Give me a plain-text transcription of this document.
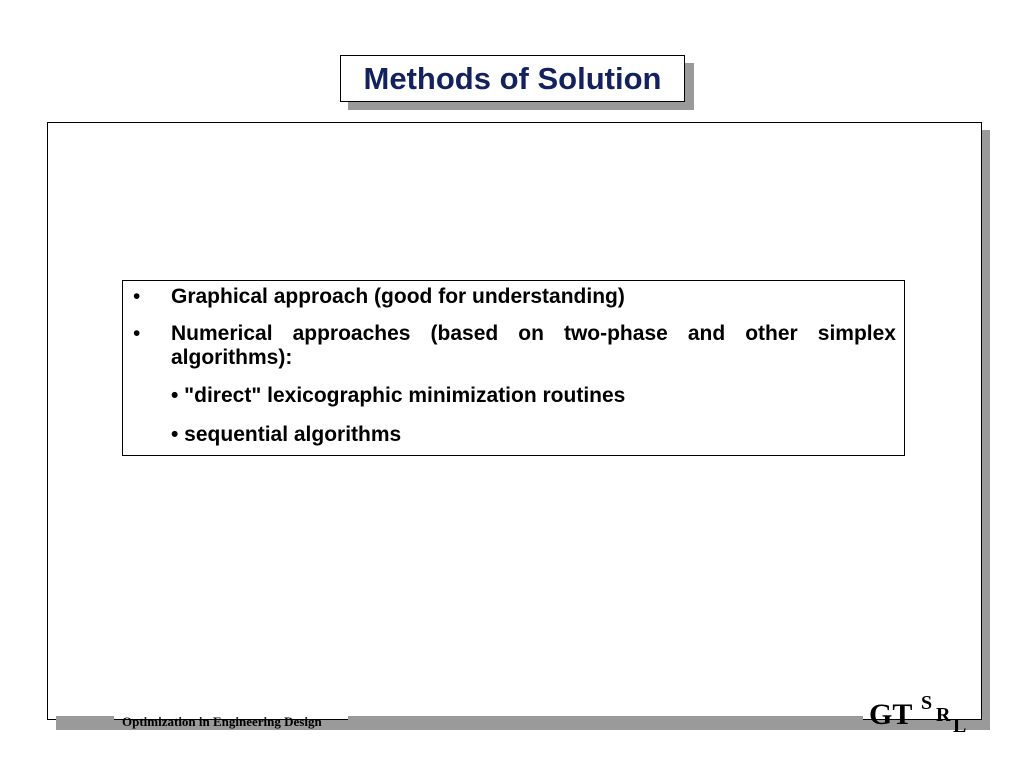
Methods of Solution
•	Graphical approach (good for understanding)
•	Numerical approaches (based on two-phase and other simplex algorithms):
• "direct" lexicographic minimization routines
• sequential algorithms
Optimization in Engineering Design	GT S
R L
